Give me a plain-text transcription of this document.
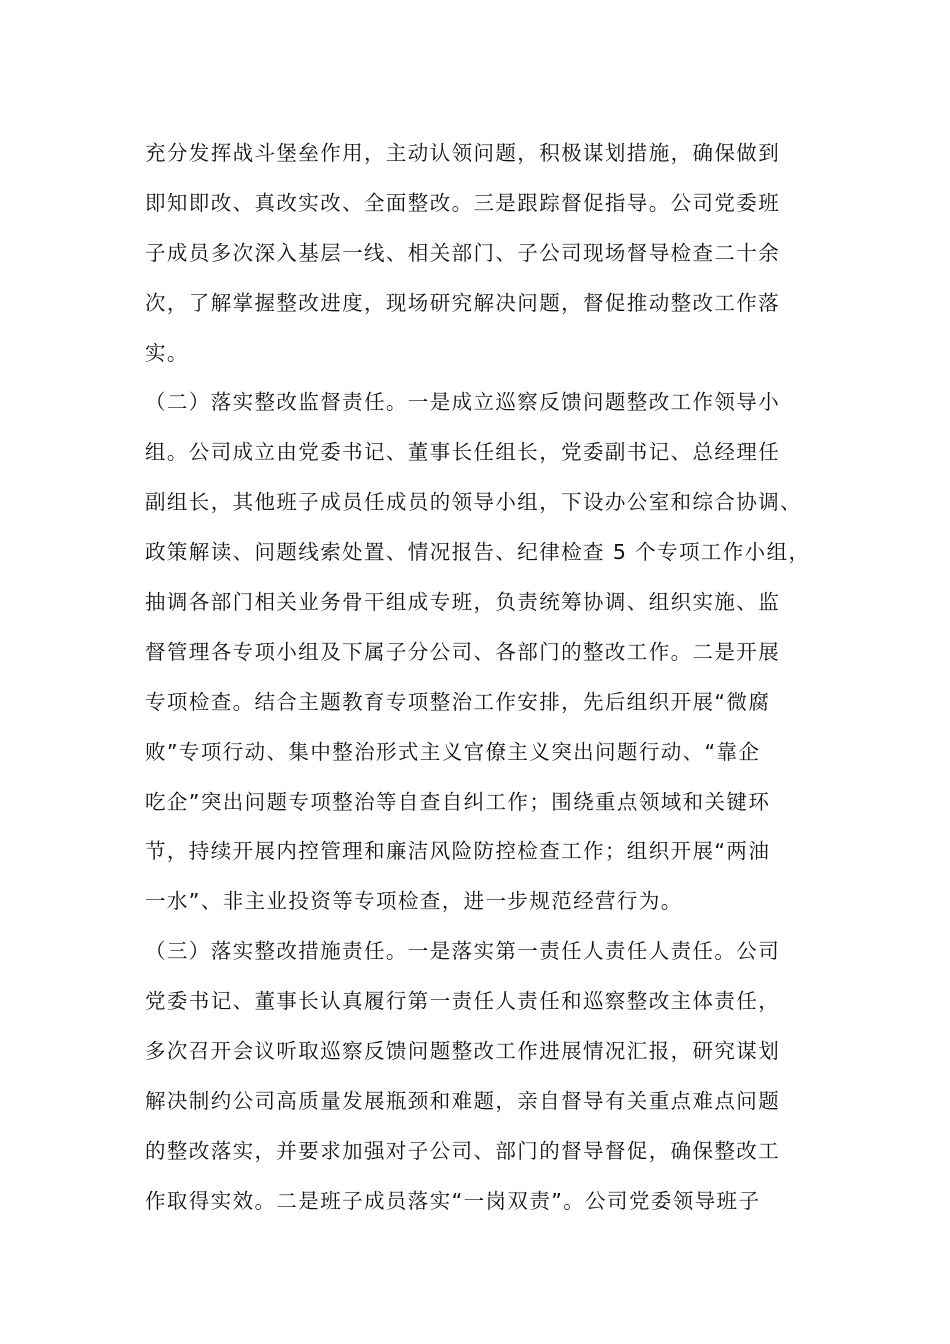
充分发挥战斗堡垒作用，主动认领问题，积极谋划措施，确保做到
即知即改、真改实改、全面整改。三是跟踪督促指导。公司党委班
子成员多次深入基层一线、相关部门、子公司现场督导检查二十余
次，了解掌握整改进度，现场研究解决问题，督促推动整改工作落
实。
（二）落实整改监督责任。一是成立巡察反馈问题整改工作领导小
组。公司成立由党委书记、董事长任组长，党委副书记、总经理任
副组长，其他班子成员任成员的领导小组，下设办公室和综合协调、
政策解读、问题线索处置、情况报告、纪律检查 5 个专项工作小组，
抽调各部门相关业务骨干组成专班，负责统筹协调、组织实施、监
督管理各专项小组及下属子分公司、各部门的整改工作。二是开展
专项检查。结合主题教育专项整治工作安排，先后组织开展“微腐
败”专项行动、集中整治形式主义官僚主义突出问题行动、“靠企
吃企”突出问题专项整治等自查自纠工作；围绕重点领域和关键环
节，持续开展内控管理和廉洁风险防控检查工作；组织开展“两油
一水”、非主业投资等专项检查，进一步规范经营行为。
（三）落实整改措施责任。一是落实第一责任人责任人责任。公司
党委书记、董事长认真履行第一责任人责任和巡察整改主体责任，
多次召开会议听取巡察反馈问题整改工作进展情况汇报，研究谋划
解决制约公司高质量发展瓶颈和难题，亲自督导有关重点难点问题
的整改落实，并要求加强对子公司、部门的督导督促，确保整改工
作取得实效。二是班子成员落实“一岗双责”。公司党委领导班子
